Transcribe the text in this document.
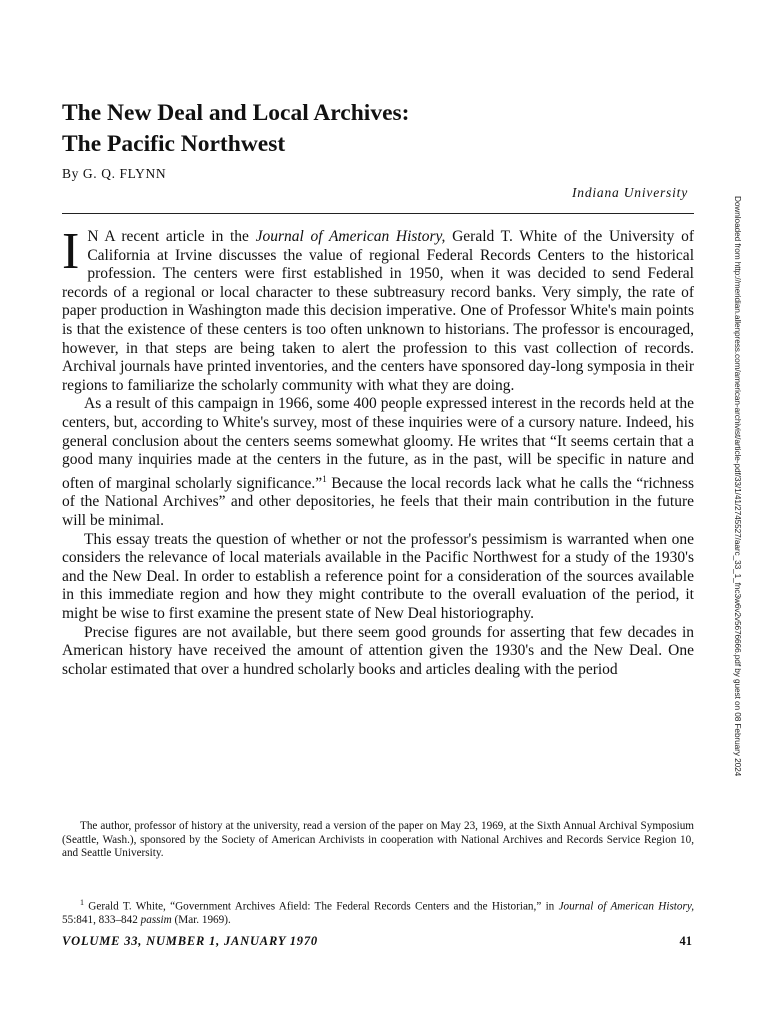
The New Deal and Local Archives:
The Pacific Northwest
By G. Q. FLYNN
Indiana University

I N A recent article in the Journal of American History, Gerald T. White of the University of California at Irvine discusses the value of regional Federal Records Centers to the historical profession. The centers were first established in 1950, when it was decided to send Federal records of a regional or local character to these subtreasury record banks. Very simply, the rate of paper production in Washington made this decision imperative. One of Professor White's main points is that the existence of these centers is too often unknown to historians. The professor is encouraged, however, in that steps are being taken to alert the profession to this vast collection of records. Archival journals have printed inventories, and the centers have sponsored day-long symposia in their regions to familiarize the scholarly community with what they are doing.

As a result of this campaign in 1966, some 400 people expressed interest in the records held at the centers, but, according to White's survey, most of these inquiries were of a cursory nature. Indeed, his general conclusion about the centers seems somewhat gloomy. He writes that “It seems certain that a good many inquiries made at the centers in the future, as in the past, will be specific in nature and often of marginal scholarly significance.”$^1$ Because the local records lack what he calls the “richness of the National Archives” and other depositories, he feels that their main contribution in the future will be minimal.

This essay treats the question of whether or not the professor's pessimism is warranted when one considers the relevance of local materials available in the Pacific Northwest for a study of the 1930's and the New Deal. In order to establish a reference point for a consideration of the sources available in this immediate region and how they might contribute to the overall evaluation of the period, it might be wise to first examine the present state of New Deal historiography.

Precise figures are not available, but there seem good grounds for asserting that few decades in American history have received the amount of attention given the 1930's and the New Deal. One scholar estimated that over a hundred scholarly books and articles dealing with the period

The author, professor of history at the university, read a version of the paper on May 23, 1969, at the Sixth Annual Archival Symposium (Seattle, Wash.), sponsored by the Society of American Archivists in cooperation with National Archives and Records Service Region 10, and Seattle University.

$^1$ Gerald T. White, “Government Archives Afield: The Federal Records Centers and the Historian,” in Journal of American History, 55:841, 833–842 passim (Mar. 1969).

VOLUME 33, NUMBER 1, JANUARY 1970	41
Downloaded from http://meridian.allenpress.com/american-archivist/article-pdf/33/1/41/2745527/aarc_33_1_fnc3w6v2v5676666.pdf by guest on 08 February 2024
